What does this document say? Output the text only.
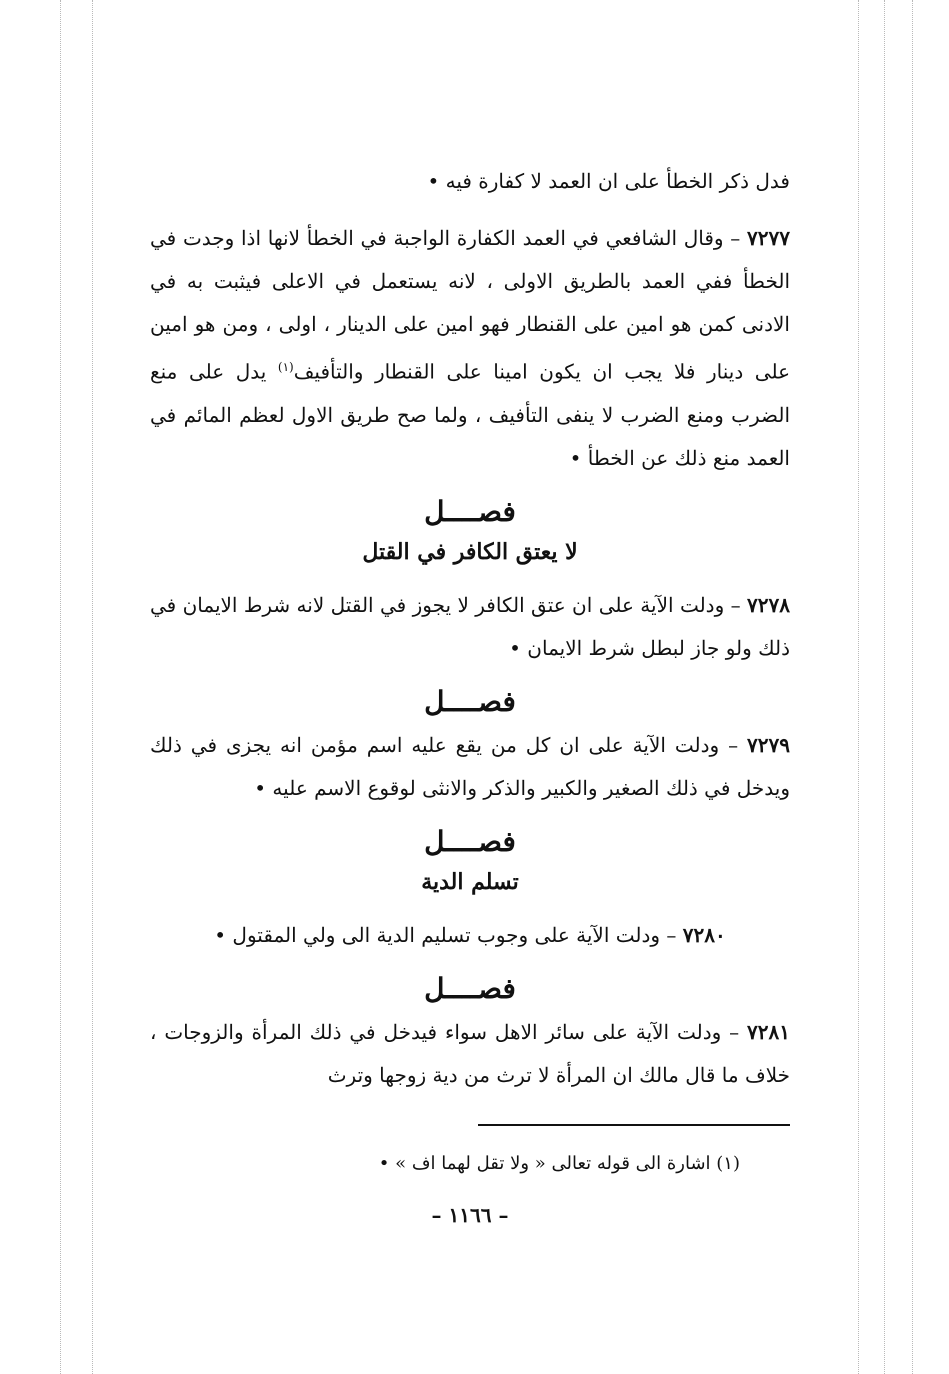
فدل ذكر الخطأ على ان العمد لا كفارة فيه •

٧٢٧٧ – وقال الشافعي في العمد الكفارة الواجبة في الخطأ لانها اذا وجدت في الخطأ ففي العمد بالطريق الاولى ، لانه يستعمل في الاعلى فيثبت به في الادنى كمن هو امين على القنطار فهو امين على الدينار ، اولى ، ومن هو امين على دينار فلا يجب ان يكون امينا على القنطار والتأفيف$^{(١)}$ يدل على منع الضرب ومنع الضرب لا ينفى التأفيف ، ولما صح طريق الاول لعظم المائم في العمد منع ذلك عن الخطأ •

فصــــل
لا يعتق الكافر في القتل

٧٢٧٨ – ودلت الآية على ان عتق الكافر لا يجوز في القتل لانه شرط الايمان في ذلك ولو جاز لبطل شرط الايمان •

فصــــل

٧٢٧٩ – ودلت الآية على ان كل من يقع عليه اسم مؤمن انه يجزى في ذلك ويدخل في ذلك الصغير والكبير والذكر والانثى لوقوع الاسم عليه •

فصــــل
تسلم الدية

٧٢٨٠ – ودلت الآية على وجوب تسليم الدية الى ولي المقتول •

فصــــل

٧٢٨١ – ودلت الآية على سائر الاهل سواء فيدخل في ذلك المرأة والزوجات ، خلاف ما قال مالك ان المرأة لا ترث من دية زوجها وترث

(١) اشارة الى قوله تعالى « ولا تقل لهما اف » •
– ١١٦٦ –
